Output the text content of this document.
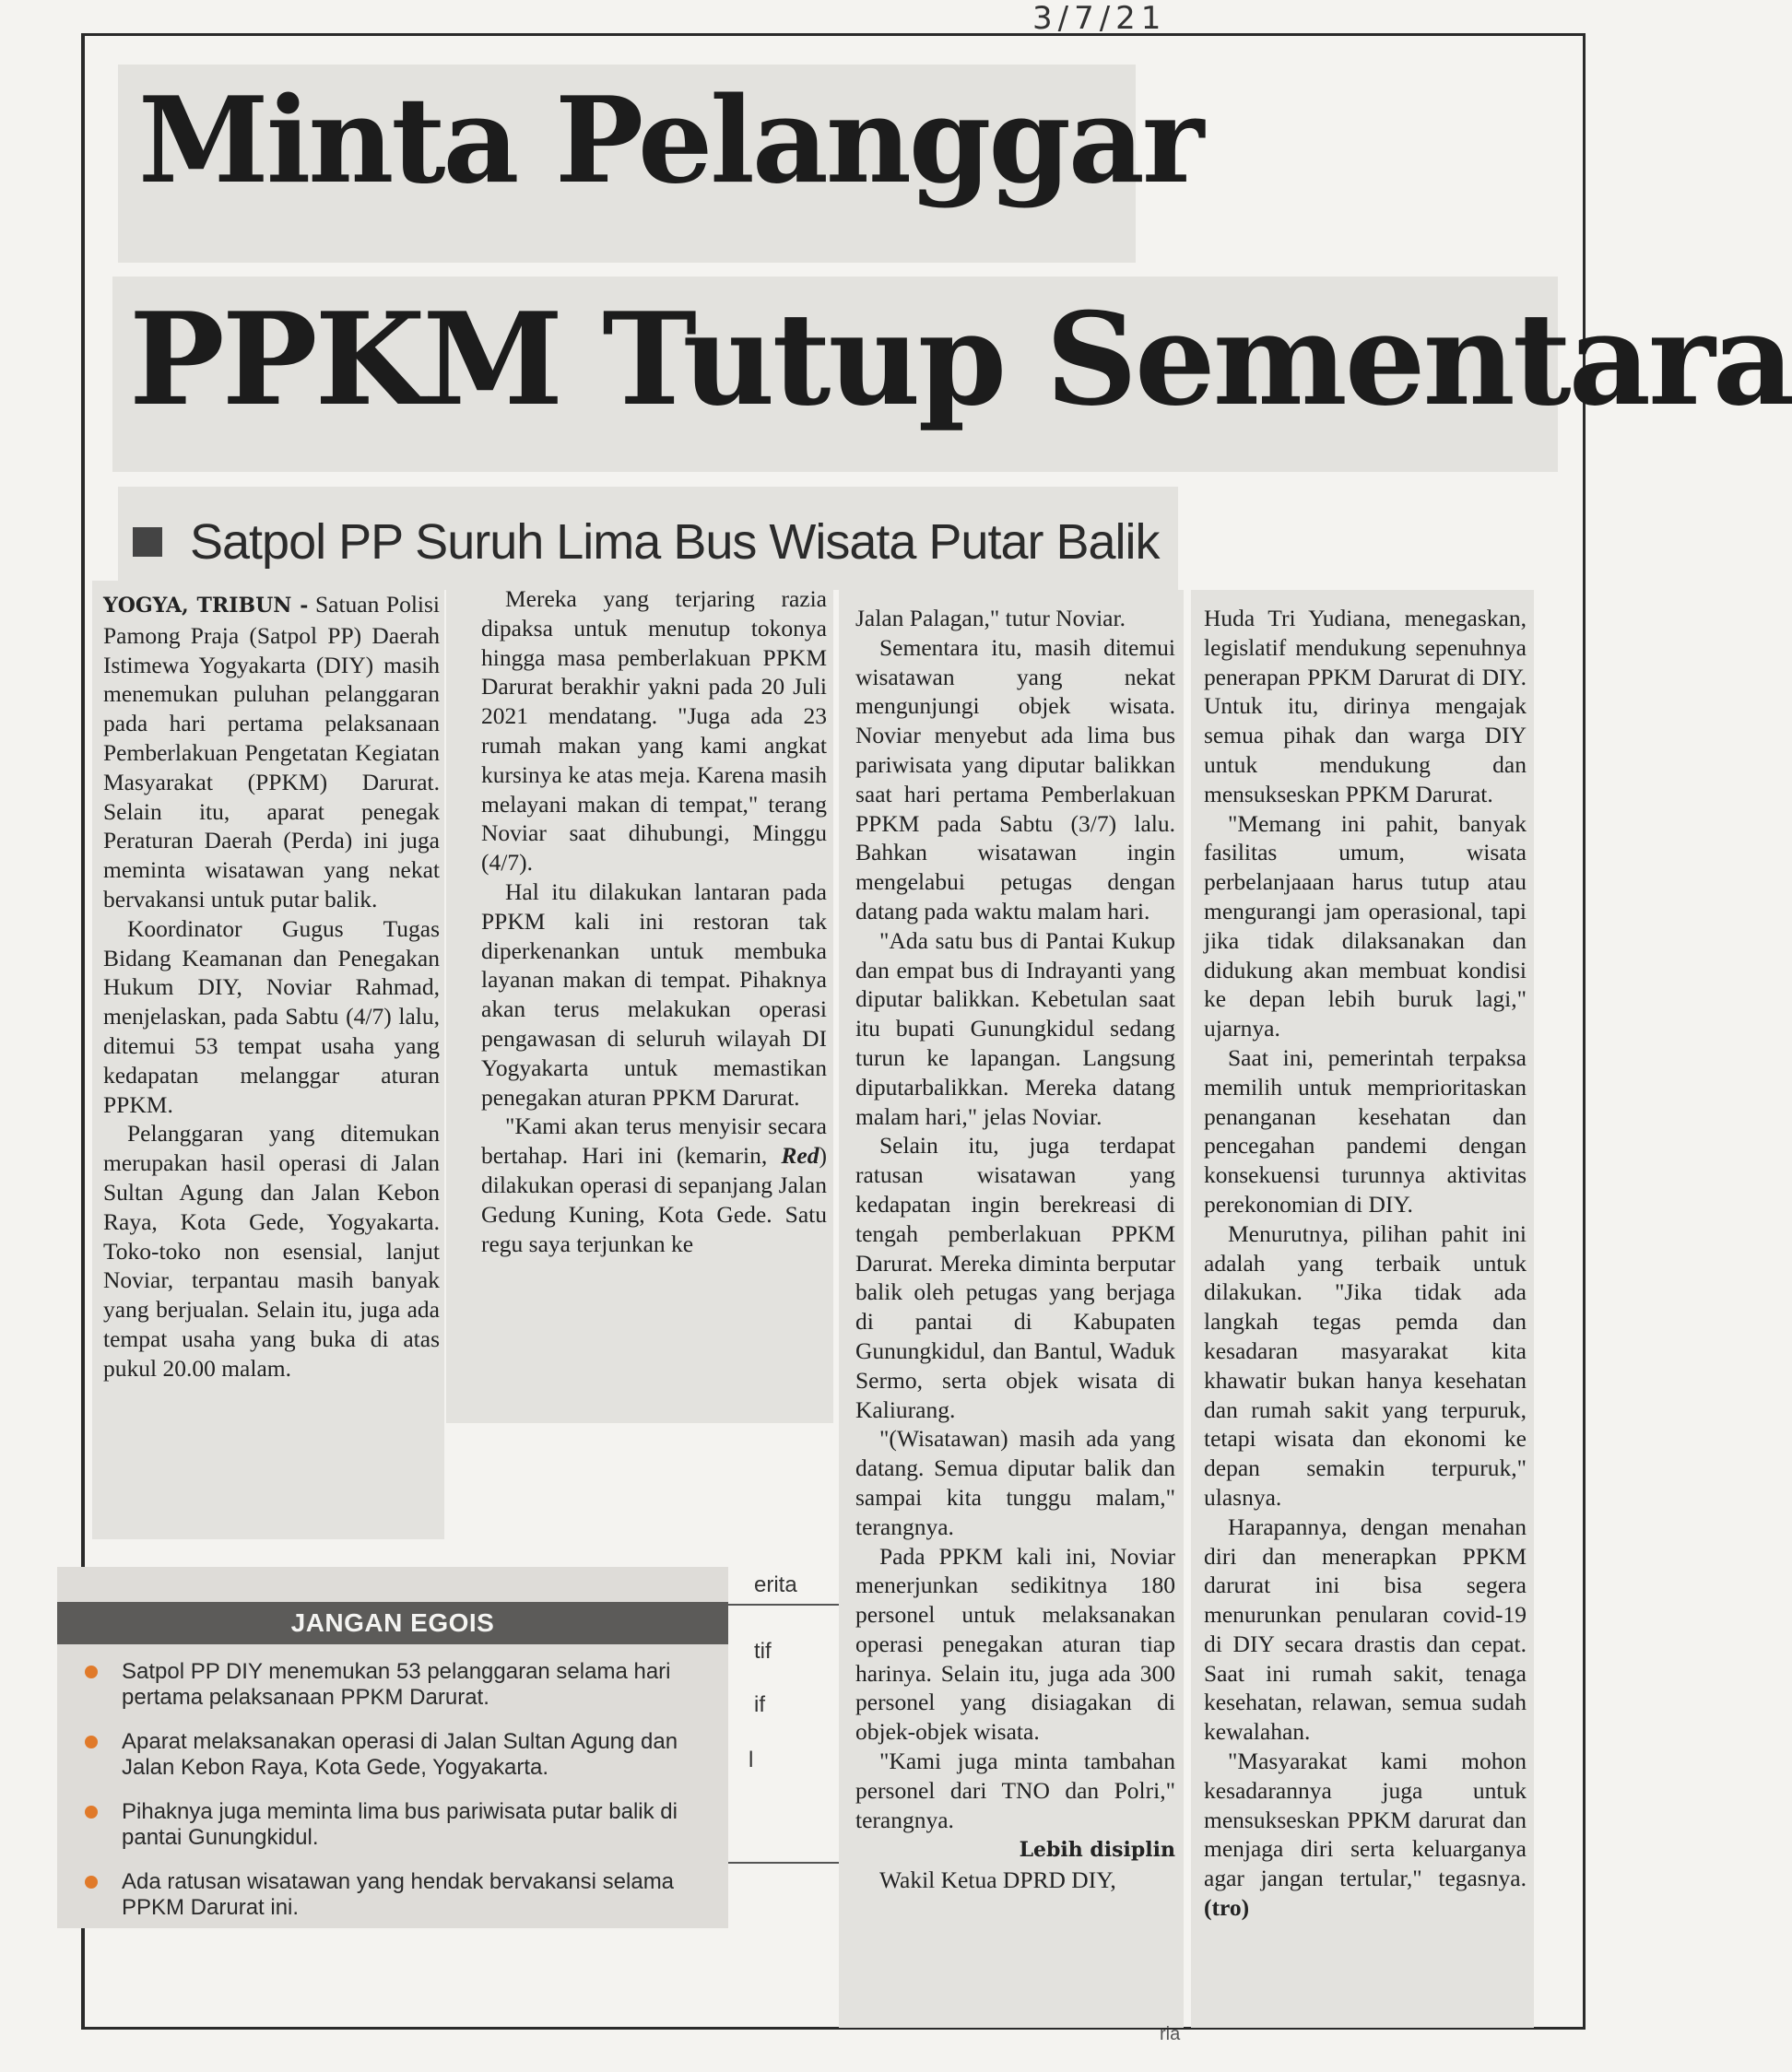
3/7/21
Minta Pelanggar
PPKM Tutup Sementara
Satpol PP Suruh Lima Bus Wisata Putar Balik

YOGYA, TRIBUN - Satuan Polisi Pamong Praja (Satpol PP) Daerah Istimewa Yogyakarta (DIY) masih menemukan puluhan pelanggaran pada hari pertama pelaksanaan Pemberlakuan Pengetatan Kegiatan Masyarakat (PPKM) Darurat. Selain itu, aparat penegak Peraturan Daerah (Perda) ini juga meminta wisatawan yang nekat bervakansi untuk putar balik.

Koordinator Gugus Tugas Bidang Keamanan dan Penegakan Hukum DIY, Noviar Rahmad, menjelaskan, pada Sabtu (4/7) lalu, ditemui 53 tempat usaha yang kedapatan melanggar aturan PPKM.

Pelanggaran yang ditemukan merupakan hasil operasi di Jalan Sultan Agung dan Jalan Kebon Raya, Kota Gede, Yogyakarta. Toko-toko non esensial, lanjut Noviar, terpantau masih banyak yang berjualan. Selain itu, juga ada tempat usaha yang buka di atas pukul 20.00 malam.

Mereka yang terjaring razia dipaksa untuk menutup tokonya hingga masa pemberlakuan PPKM Darurat berakhir yakni pada 20 Juli 2021 mendatang. "Juga ada 23 rumah makan yang kami angkat kursinya ke atas meja. Karena masih melayani makan di tempat," terang Noviar saat dihubungi, Minggu (4/7).

Hal itu dilakukan lantaran pada PPKM kali ini restoran tak diperkenankan untuk membuka layanan makan di tempat. Pihaknya akan terus melakukan operasi pengawasan di seluruh wilayah DI Yogyakarta untuk memastikan penegakan aturan PPKM Darurat.

"Kami akan terus menyisir secara bertahap. Hari ini (kemarin, Red) dilakukan operasi di sepanjang Jalan Gedung Kuning, Kota Gede. Satu regu saya terjunkan ke

Jalan Palagan," tutur Noviar.

Sementara itu, masih ditemui wisatawan yang nekat mengunjungi objek wisata. Noviar menyebut ada lima bus pariwisata yang diputar balikkan saat hari pertama Pemberlakuan PPKM pada Sabtu (3/7) lalu. Bahkan wisatawan ingin mengelabui petugas dengan datang pada waktu malam hari.

"Ada satu bus di Pantai Kukup dan empat bus di Indrayanti yang diputar balikkan. Kebetulan saat itu bupati Gunungkidul sedang turun ke lapangan. Langsung diputarbalikkan. Mereka datang malam hari," jelas Noviar.

Selain itu, juga terdapat ratusan wisatawan yang kedapatan ingin berekreasi di tengah pemberlakuan PPKM Darurat. Mereka diminta berputar balik oleh petugas yang berjaga di pantai di Kabupaten Gunungkidul, dan Bantul, Waduk Sermo, serta objek wisata di Kaliurang.

"(Wisatawan) masih ada yang datang. Semua diputar balik dan sampai kita tunggu malam," terangnya.

Pada PPKM kali ini, Noviar menerjunkan sedikitnya 180 personel untuk melaksanakan operasi penegakan aturan tiap harinya. Selain itu, juga ada 300 personel yang disiagakan di objek-objek wisata.

"Kami juga minta tambahan personel dari TNO dan Polri," terangnya.

Lebih disiplin

Wakil Ketua DPRD DIY,

Huda Tri Yudiana, menegaskan, legislatif mendukung sepenuhnya penerapan PPKM Darurat di DIY. Untuk itu, dirinya mengajak semua pihak dan warga DIY untuk mendukung dan mensukseskan PPKM Darurat.

"Memang ini pahit, banyak fasilitas umum, wisata perbelanjaaan harus tutup atau mengurangi jam operasional, tapi jika tidak dilaksanakan dan didukung akan membuat kondisi ke depan lebih buruk lagi," ujarnya.

Saat ini, pemerintah terpaksa memilih untuk memprioritaskan penanganan kesehatan dan pencegahan pandemi dengan konsekuensi turunnya aktivitas perekonomian di DIY.

Menurutnya, pilihan pahit ini adalah yang terbaik untuk dilakukan. "Jika tidak ada langkah tegas pemda dan kesadaran masyarakat kita khawatir bukan hanya kesehatan dan rumah sakit yang terpuruk, tetapi wisata dan ekonomi ke depan semakin terpuruk," ulasnya.

Harapannya, dengan menahan diri dan menerapkan PPKM darurat ini bisa segera menurunkan penularan covid-19 di DIY secara drastis dan cepat. Saat ini rumah sakit, tenaga kesehatan, relawan, semua sudah kewalahan.

"Masyarakat kami mohon kesadarannya juga untuk mensukseskan PPKM darurat dan menjaga diri serta keluarganya agar jangan tertular," tegasnya. (tro)

erita
tif
if
l
JANGAN EGOIS
Satpol PP DIY menemukan 53 pelanggaran selama hari pertama pelaksanaan PPKM Darurat.
Aparat melaksanakan operasi di Jalan Sultan Agung dan Jalan Kebon Raya, Kota Gede, Yogyakarta.
Pihaknya juga meminta lima bus pariwisata putar balik di pantai Gunungkidul.
Ada ratusan wisatawan yang hendak bervakansi selama PPKM Darurat ini.
ria
